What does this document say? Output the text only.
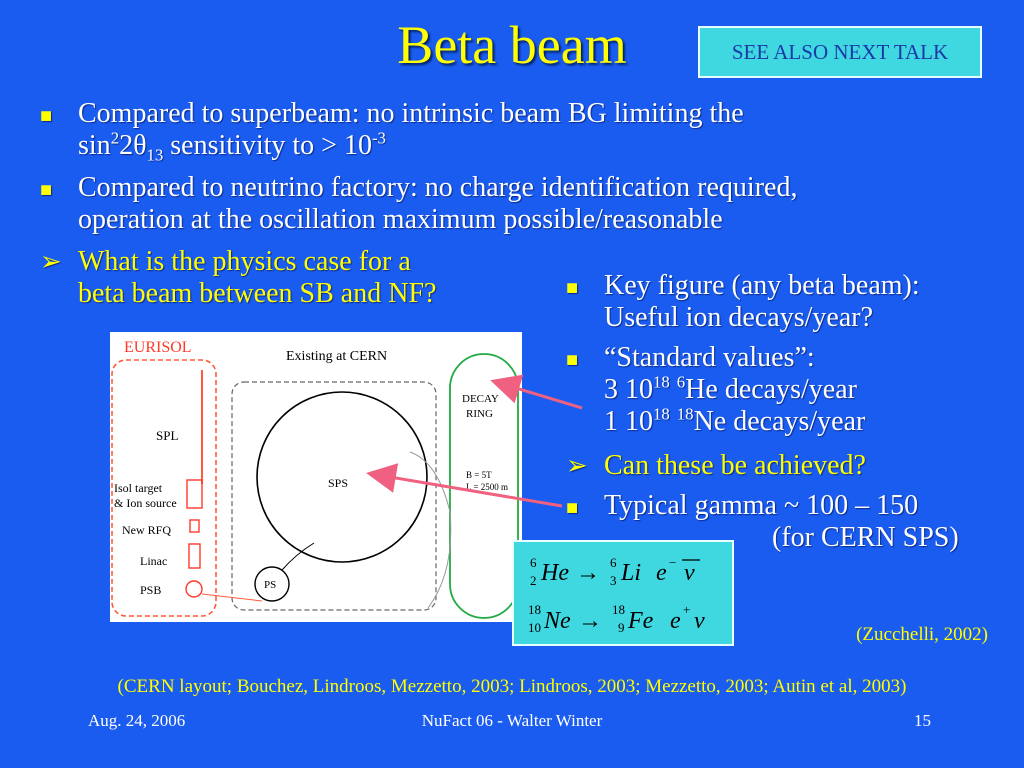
Beta beam	SEE ALSO NEXT TALK
■ Compared to superbeam: no intrinsic beam BG limiting the
$\sin^22\theta_{13}$ sensitivity to > $10^{-3}$
■ Compared to neutrino factory: no charge identification required,
operation at the oscillation maximum possible/reasonable
➢ What is the physics case for a
beta beam between SB and NF?	■ Key figure (any beta beam):
Useful ion decays/year?
■ “Standard values”:
3 $10^{18}$ $^6$He decays/year
1 $10^{18}$ $^{18}$Ne decays/year
➢ Can these be achieved?
■ Typical gamma ~ 100 – 150
(for CERN SPS)
EURISOL
Existing at CERN
DECAY
RING
B = 5T
L = 2500 m
SPL
Isol target
& Ion source
New RFQ
Linac
PSB
SPS
PS
6
2 He → 6
3 Li e − ν
18
10 Ne → 18
9 Fe e + ν
(Zucchelli, 2002)
(CERN layout; Bouchez, Lindroos, Mezzetto, 2003; Lindroos, 2003; Mezzetto, 2003; Autin et al, 2003)
Aug. 24, 2006	NuFact 06 - Walter Winter	15
